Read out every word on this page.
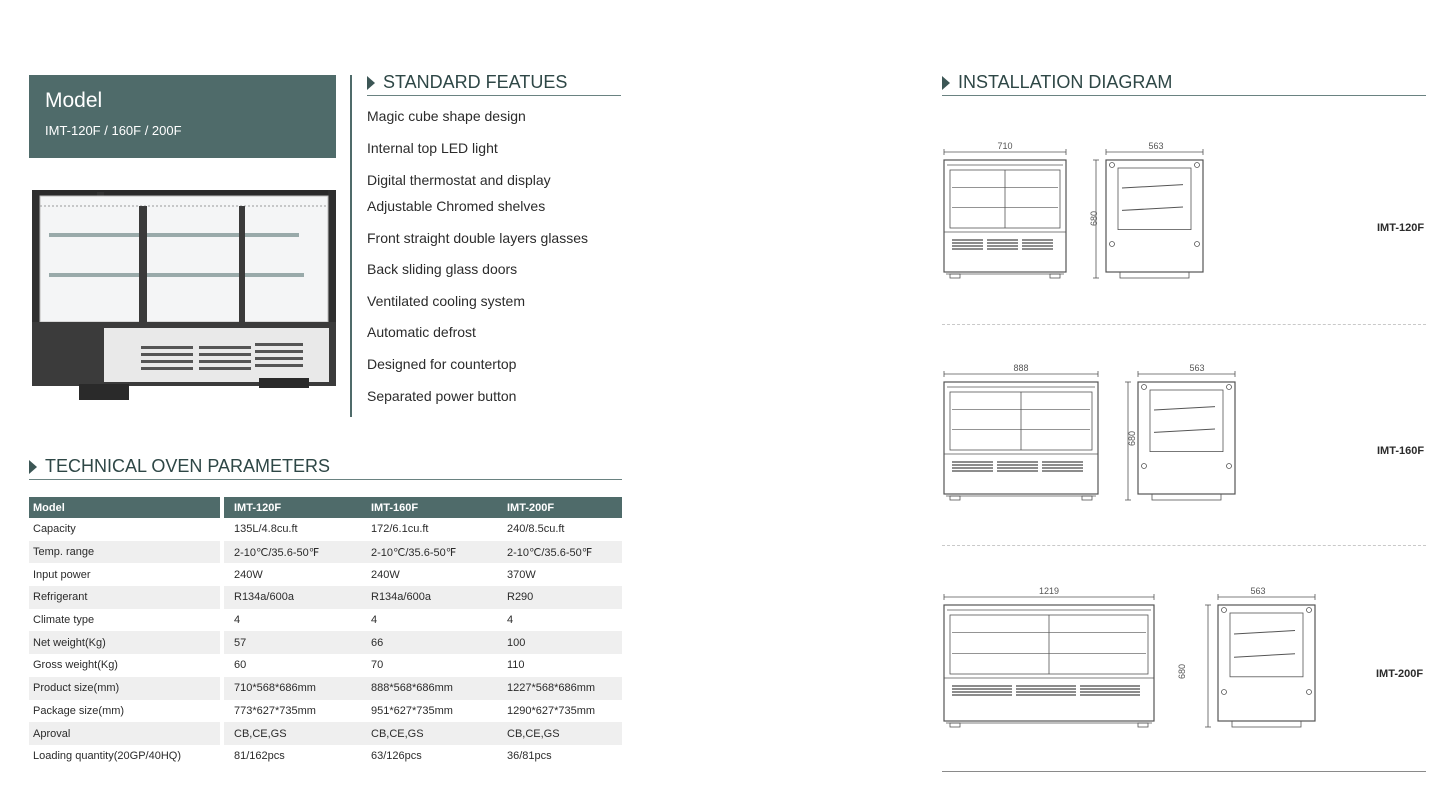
Model
IMT-120F / 160F / 200F
STANDARD FEATUES
Magic cube shape design
Internal top LED light
Digital thermostat and display
Adjustable Chromed shelves
Front straight double layers glasses
Back sliding glass doors
Ventilated cooling system
Automatic defrost
Designed for countertop
Separated power button
TECHNICAL OVEN PARAMETERS
Model	IMT-120F	IMT-160F	IMT-200F
Capacity	135L/4.8cu.ft	172/6.1cu.ft	240/8.5cu.ft
Temp. range	2-10℃/35.6-50℉	2-10℃/35.6-50℉	2-10℃/35.6-50℉
Input power	240W	240W	370W
Refrigerant	R134a/600a	R134a/600a	R290
Climate type	4	4	4
Net weight(Kg)	57	66	100
Gross weight(Kg)	60	70	110
Product size(mm)	710*568*686mm	888*568*686mm	1227*568*686mm
Package size(mm)	773*627*735mm	951*627*735mm	1290*627*735mm
Aproval	CB,CE,GS	CB,CE,GS	CB,CE,GS
Loading quantity(20GP/40HQ)	81/162pcs	63/126pcs	36/81pcs
INSTALLATION DIAGRAM
710	563
680
IMT-120F
888	563
680
IMT-160F
1219	563
680	IMT-200F
